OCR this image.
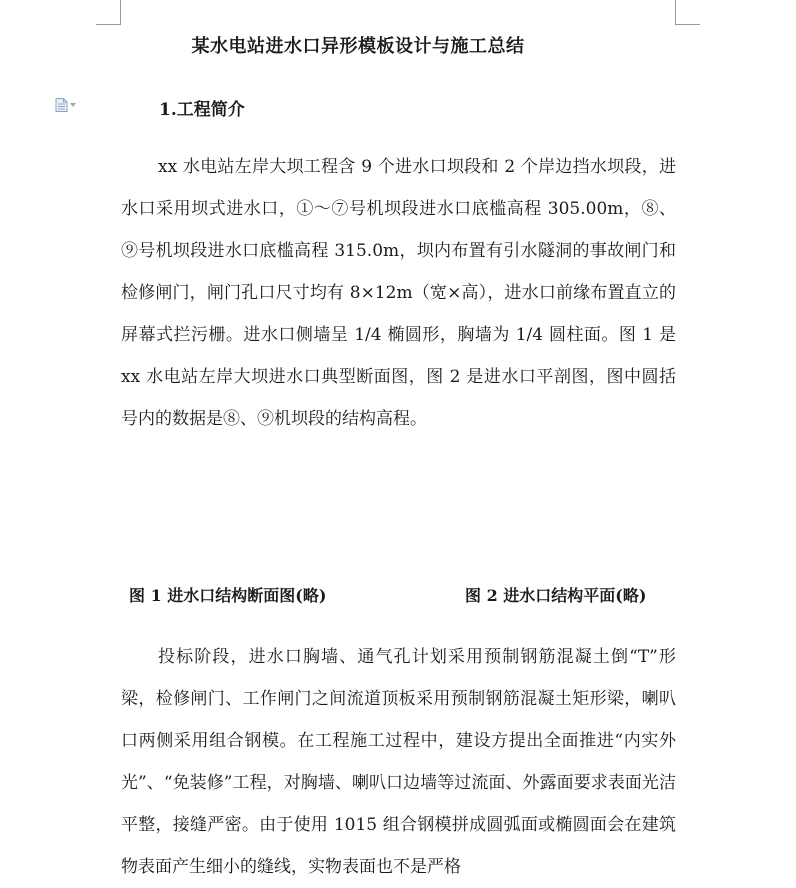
某水电站进水口异形模板设计与施工总结
1.工程简介

xx 水电站左岸大坝工程含 9 个进水口坝段和 2 个岸边挡水坝段，进水口采用坝式进水口，①～⑦号机坝段进水口底槛高程 305.00m，⑧、⑨号机坝段进水口底槛高程 315.0m，坝内布置有引水隧洞的事故闸门和检修闸门，闸门孔口尺寸均有 8×12m（宽×高），进水口前缘布置直立的屏幕式拦污栅。进水口侧墙呈 1/4 椭圆形，胸墙为 1/4 圆柱面。图 1 是 xx 水电站左岸大坝进水口典型断面图，图 2 是进水口平剖图，图中圆括号内的数据是⑧、⑨机坝段的结构高程。

图 1 进水口结构断面图(略)	图 2 进水口结构平面(略)

投标阶段，进水口胸墙、通气孔计划采用预制钢筋混凝土倒“T”形梁，检修闸门、工作闸门之间流道顶板采用预制钢筋混凝土矩形梁，喇叭口两侧采用组合钢模。在工程施工过程中，建设方提出全面推进“内实外光”、“免装修”工程，对胸墙、喇叭口边墙等过流面、外露面要求表面光洁平整，接缝严密。由于使用 1015 组合钢模拼成圆弧面或椭圆面会在建筑物表面产生细小的缝线，实物表面也不是严格
